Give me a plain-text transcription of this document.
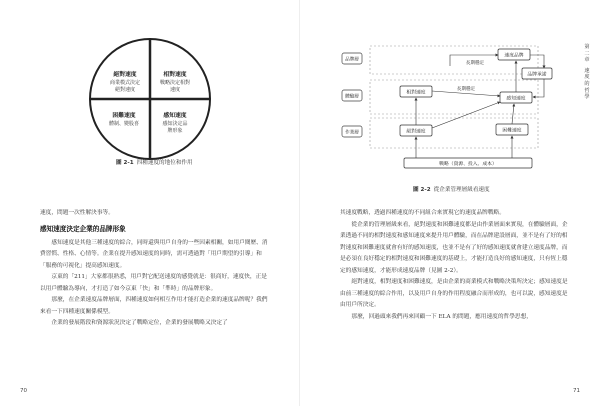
絕對速度
商業模式決定
絕對速度
相對速度
戰略決定相對
速度
困難速度
體制、變股喜
感知速度
感知決定品
牌形象
圖 2-1 四種速度的地位和作用

速度，問題一次性解決事等。

感知速度決定企業的品牌形象

感知速度是其他三種速度的綜合，同時還與用戶自身的一些因素相關，如用戶閱歷、消費習慣、性格、心情等。企業在提升感知速度的同時，需可透過對「用戶期望的引導」和「服務的可視化」提高感知速度。

京東的「211」大家都很熟悉，用戶對它配送速度的感覺就是：很商好，速度快，正是以用戶體驗為導向，才打造了如今京東「快」和「準時」的品牌形象。

那麼，在企業速度品牌層面，四種速度如何相互作用才能打造企業的速度品牌呢？我們來看一下四種速度關係模型。

企業的發展階段和資源狀況決定了戰略定位，企業的發展戰略又決定了

70
品牌層
體驗層
作業層
速度品牌
品牌承諾
相對速度
感知速度
絕對速度	困難速度
戰略（資源、投入、成本）
長期穩定
長期穩定
圖 2-2 從企業管理層級看速度

其速度戰略，透過四種速度的不同組合來實現它的速度品牌戰略。

從企業的管理層級來看，絕對速度和困難速度都是由作業層面來實現，在體驗層面，企業透過不同的相對速度和感知速度來提升用戶體驗，而在品牌建設層面，並不是有了好的相對速度和困難速度就會有好的感知速度，也並不是有了好的感知速度就會建立速度品牌，而是必須在良好穩定的相對速度和困難速度的基礎上，才能打造良好的感知速度，只有恆上穩定的感知速度，才能形成速度品牌（見圖 2-2）。

絕對速度，相對速度和困難速度，是由企業的商業模式和戰略決策所決定；感知速度是由前三種速度的綜合作用，以及用戶自身的作用程度融合而形成的，也可以說，感知速度是由用戶所決定。

那麼，回過頭來我們再來回顧一下 ELA 的問題，應用速度的哲學思想，

第
二
章
速
度
的
哲
學
71
